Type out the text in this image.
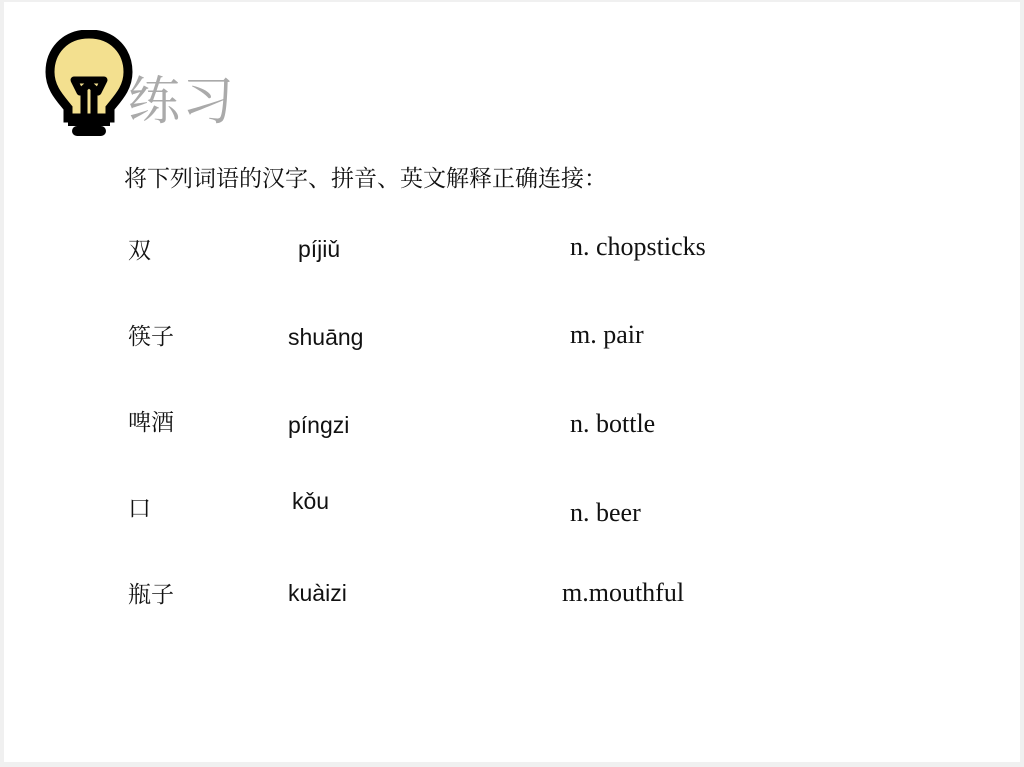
练习
将下列词语的汉字、拼音、英文解释正确连接：
双
筷子
啤酒
口
瓶子
píjiǔ
shuāng
píngzi
kǒu
kuàizi
n. chopsticks
m. pair
n. bottle
n. beer
m.mouthful
